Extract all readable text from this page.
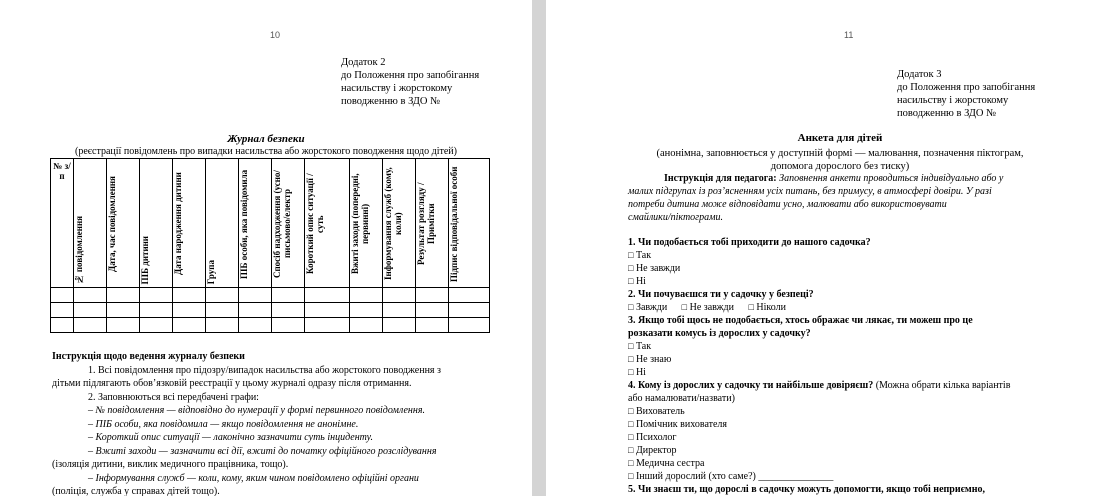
10
Додаток 2
до Положення про запобігання
насильству і жорстокому
поводженню в ЗДО №
Журнал безпеки
(реєстрації повідомлень про випадки насильства або жорстокого поводження щодо дітей)
№ з/п	№ повідомлення	Дата, час повідомлення	ПІБ дитини	Дата народження дитини	Група	ПІБ особи, яка повідомила	Спосіб надходження (усно/письмово/електр	Короткий опис ситуації / суть	Вжиті заходи (попередні, первинні)	Інформування служб (кому, коли)	Результат розгляду / Примітки	Підпис відповідальної особи

Інструкція щодо ведення журналу безпеки
1. Всі повідомлення про підозру/випадок насильства або жорстокого поводження з
дітьми підлягають обов’язковій реєстрації у цьому журналі одразу після отримання.
2. Заповнюються всі передбачені графи:
– № повідомлення — відповідно до нумерації у формі первинного повідомлення.
– ПІБ особи, яка повідомила — якщо повідомлення не анонімне.
– Короткий опис ситуації — лаконічно зазначити суть інциденту.
– Вжиті заходи — зазначити всі дії, вжиті до початку офіційного розслідування
(ізоляція дитини, виклик медичного працівника, тощо).
– Інформування служб — коли, кому, яким чином повідомлено офіційні органи
(поліція, служба у справах дітей тощо).
11
Додаток 3
до Положення про запобігання
насильству і жорстокому
поводженню в ЗДО №
Анкета для дітей
(анонімна, заповнюється у доступній формі — малювання, позначення піктограм,
допомога дорослого без тиску)
Інструкція для педагога: Заповнення анкети проводиться індивідуально або у
малих підгрупах із роз’ясненням усіх питань, без примусу, в атмосфері довіри. У разі
потреби дитина може відповідати усно, малювати або використовувати
смайлики/піктограми.
1. Чи подобається тобі приходити до нашого садочка?
□ Так
□ Не завжди
□ Ні
2. Чи почуваєшся ти у садочку у безпеці?
□ Завжди □ Не завжди □ Ніколи
3. Якщо тобі щось не подобається, хтось ображає чи лякає, ти можеш про це
розказати комусь із дорослих у садочку?
□ Так
□ Не знаю
□ Ні
4. Кому із дорослих у садочку ти найбільше довіряєш? (Можна обрати кілька варіантів
або намалювати/назвати)
□ Вихователь
□ Помічник вихователя
□ Психолог
□ Директор
□ Медична сестра
□ Інший дорослий (хто саме?) _______________
5. Чи знаєш ти, що дорослі в садочку можуть допомогти, якщо тобі неприємно,
